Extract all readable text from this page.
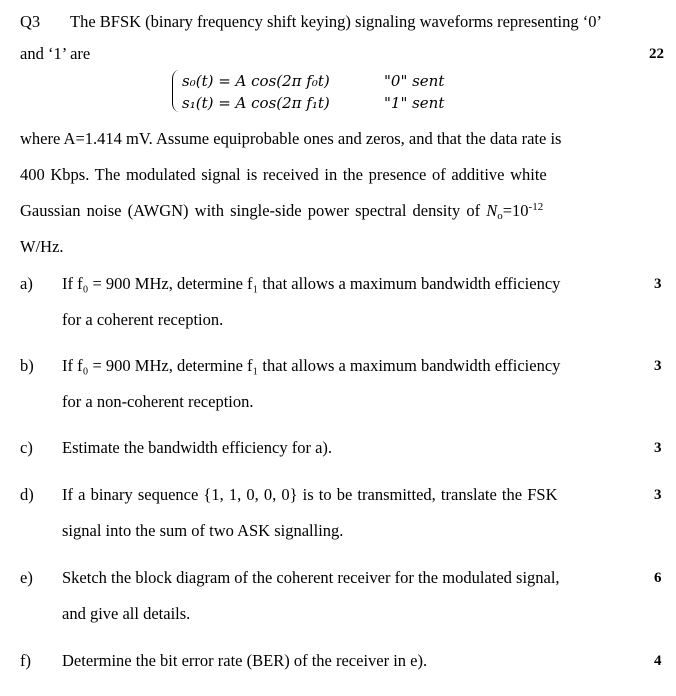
Q3 The BFSK (binary frequency shift keying) signaling waveforms representing ‘0’
and ‘1’ are	22
s₀(t) = A cos(2π f₀t)	"0" sent
s₁(t) = A cos(2π f₁t)	"1" sent
where A=1.414 mV. Assume equiprobable ones and zeros, and that the data rate is
400 Kbps. The modulated signal is received in the presence of additive white
Gaussian noise (AWGN) with single-side power spectral density of $N_o=10^{-12}$
W/Hz.
a) If f₀ = 900 MHz, determine f₁ that allows a maximum bandwidth efficiency
for a coherent reception.
3
b) If f₀ = 900 MHz, determine f₁ that allows a maximum bandwidth efficiency
for a non-coherent reception.
3
c) Estimate the bandwidth efficiency for a).	3
d) If a binary sequence {1, 1, 0, 0, 0} is to be transmitted, translate the FSK
signal into the sum of two ASK signalling.
3
e) Sketch the block diagram of the coherent receiver for the modulated signal,
and give all details.
6
f) Determine the bit error rate (BER) of the receiver in e).	4
